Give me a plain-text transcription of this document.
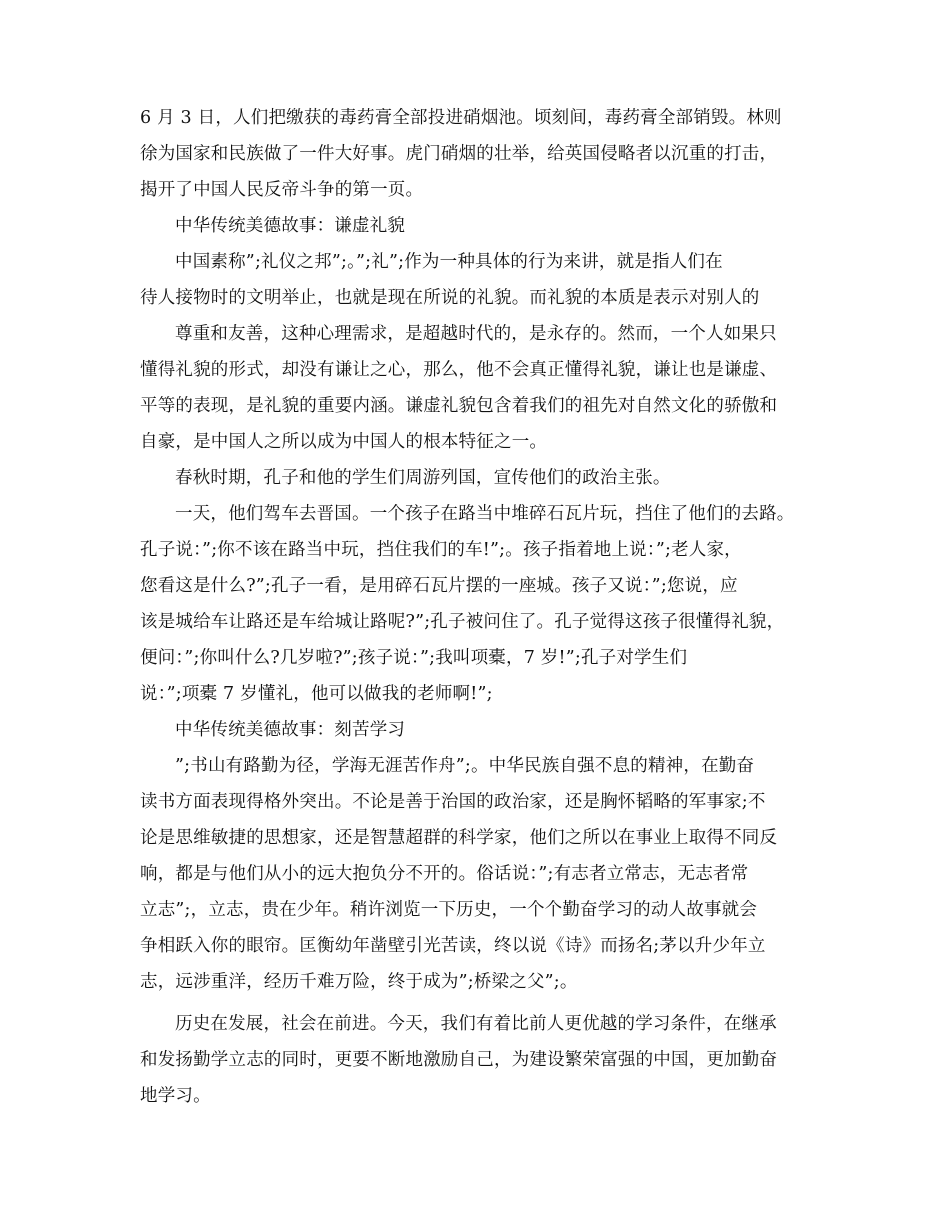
6 月 3 日，人们把缴获的毒药膏全部投进硝烟池。顷刻间，毒药膏全部销毁。林则
徐为国家和民族做了一件大好事。虎门硝烟的壮举，给英国侵略者以沉重的打击，
揭开了中国人民反帝斗争的第一页。
中华传统美德故事：谦虚礼貌
中国素称”;礼仪之邦”;。”;礼”;作为一种具体的行为来讲，就是指人们在
待人接物时的文明举止，也就是现在所说的礼貌。而礼貌的本质是表示对别人的
尊重和友善，这种心理需求，是超越时代的，是永存的。然而，一个人如果只
懂得礼貌的形式，却没有谦让之心，那么，他不会真正懂得礼貌，谦让也是谦虚、
平等的表现，是礼貌的重要内涵。谦虚礼貌包含着我们的祖先对自然文化的骄傲和
自豪，是中国人之所以成为中国人的根本特征之一。
春秋时期，孔子和他的学生们周游列国，宣传他们的政治主张。
一天，他们驾车去晋国。一个孩子在路当中堆碎石瓦片玩，挡住了他们的去路。
孔子说：”;你不该在路当中玩，挡住我们的车!”;。孩子指着地上说：”;老人家，
您看这是什么?”;孔子一看，是用碎石瓦片摆的一座城。孩子又说：”;您说，应
该是城给车让路还是车给城让路呢?”;孔子被问住了。孔子觉得这孩子很懂得礼貌，
便问：”;你叫什么?几岁啦?”;孩子说：”;我叫项橐，7 岁!”;孔子对学生们
说：”;项橐 7 岁懂礼，他可以做我的老师啊!”;
中华传统美德故事：刻苦学习
”;书山有路勤为径，学海无涯苦作舟”;。中华民族自强不息的精神，在勤奋
读书方面表现得格外突出。不论是善于治国的政治家，还是胸怀韬略的军事家;不
论是思维敏捷的思想家，还是智慧超群的科学家，他们之所以在事业上取得不同反
响，都是与他们从小的远大抱负分不开的。俗话说：”;有志者立常志，无志者常
立志”;，立志，贵在少年。稍许浏览一下历史，一个个勤奋学习的动人故事就会
争相跃入你的眼帘。匡衡幼年凿壁引光苦读，终以说《诗》而扬名;茅以升少年立
志，远涉重洋，经历千难万险，终于成为”;桥梁之父”;。
历史在发展，社会在前进。今天，我们有着比前人更优越的学习条件，在继承
和发扬勤学立志的同时，更要不断地激励自己，为建设繁荣富强的中国，更加勤奋
地学习。
